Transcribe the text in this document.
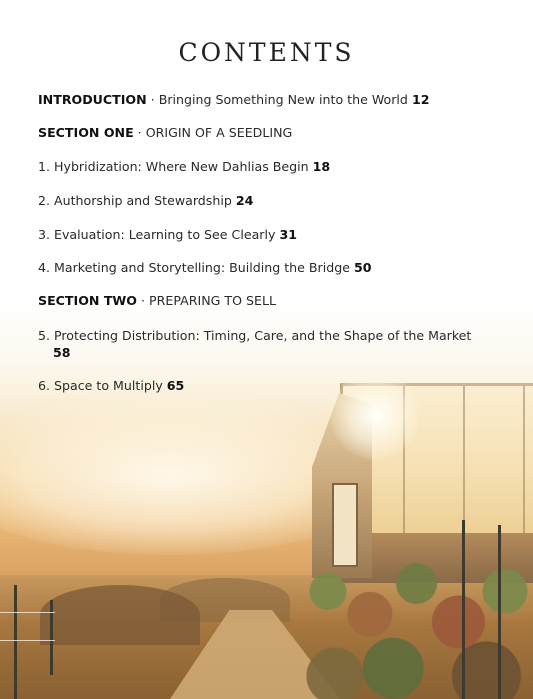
CONTENTS
INTRODUCTION · Bringing Something New into the World 12
SECTION ONE · ORIGIN OF A SEEDLING
1. Hybridization: Where New Dahlias Begin 18
2. Authorship and Stewardship 24
3. Evaluation: Learning to See Clearly 31
4. Marketing and Storytelling: Building the Bridge 50
SECTION TWO · PREPARING TO SELL
5. Protecting Distribution: Timing, Care, and the Shape of the Market 58
6. Space to Multiply 65
